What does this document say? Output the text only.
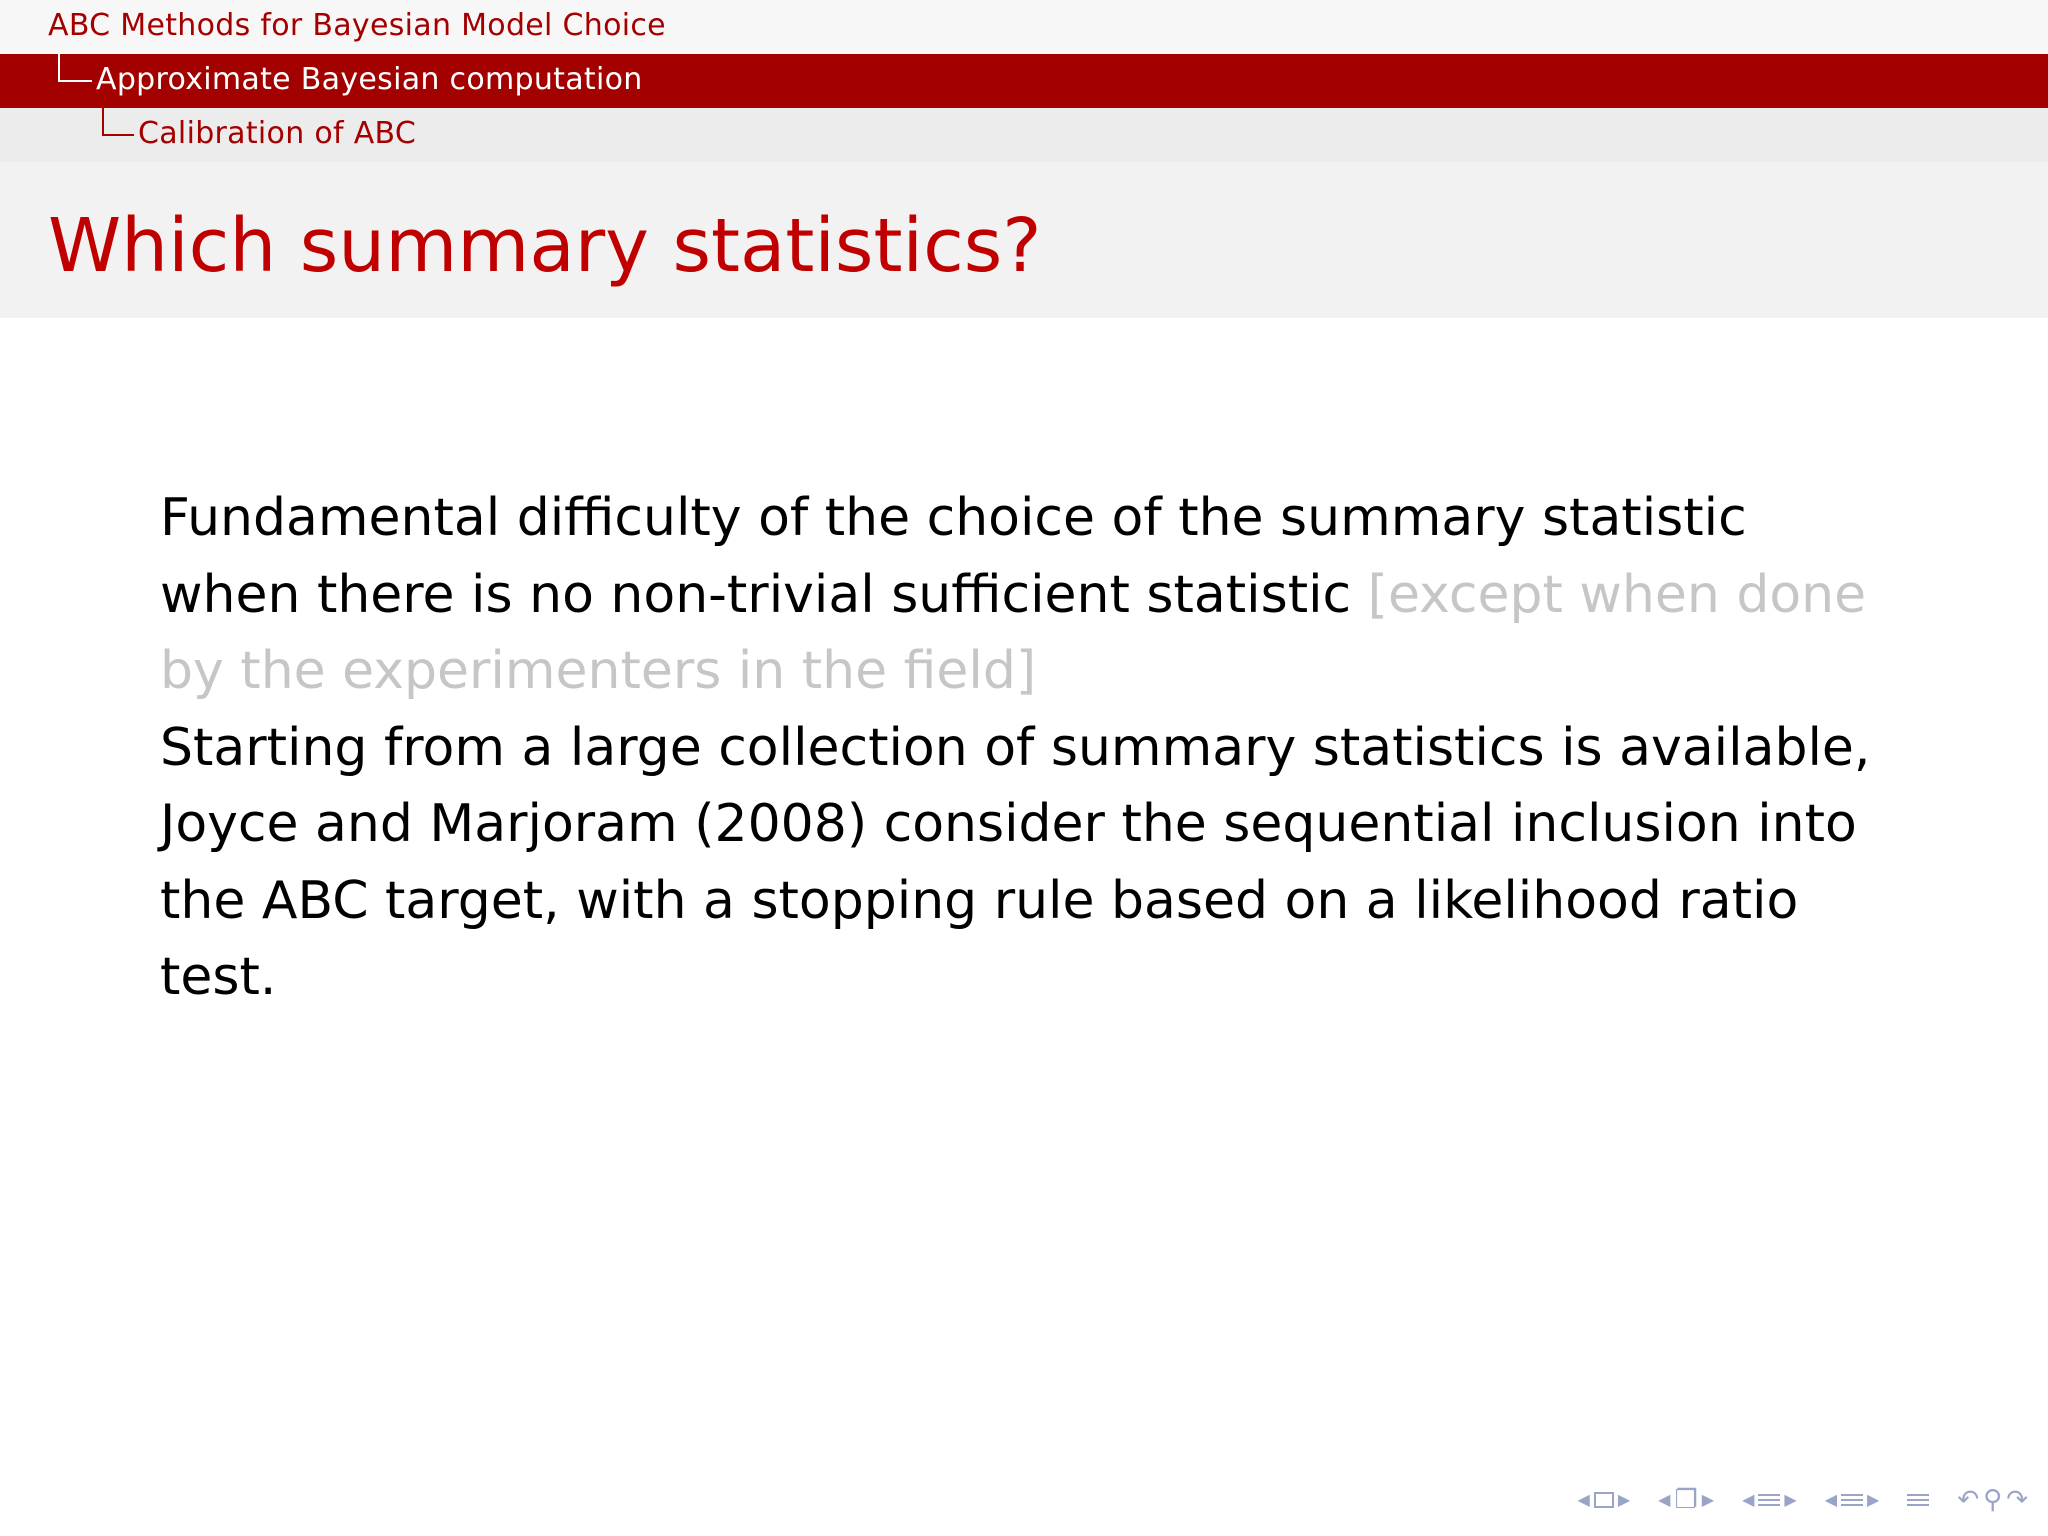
ABC Methods for Bayesian Model Choice
Approximate Bayesian computation
Calibration of ABC
Which summary statistics?

Fundamental difficulty of the choice of the summary statistic when there is no non-trivial sufficient statistic [except when done by the experimenters in the field]

Starting from a large collection of summary statistics is available, Joyce and Marjoram (2008) consider the sequential inclusion into the ABC target, with a stopping rule based on a likelihood ratio test.

◀ ▶ ◀ ❐ ▶ ◀ ▶ ◀ ▶	↶ ⚲ ↷
